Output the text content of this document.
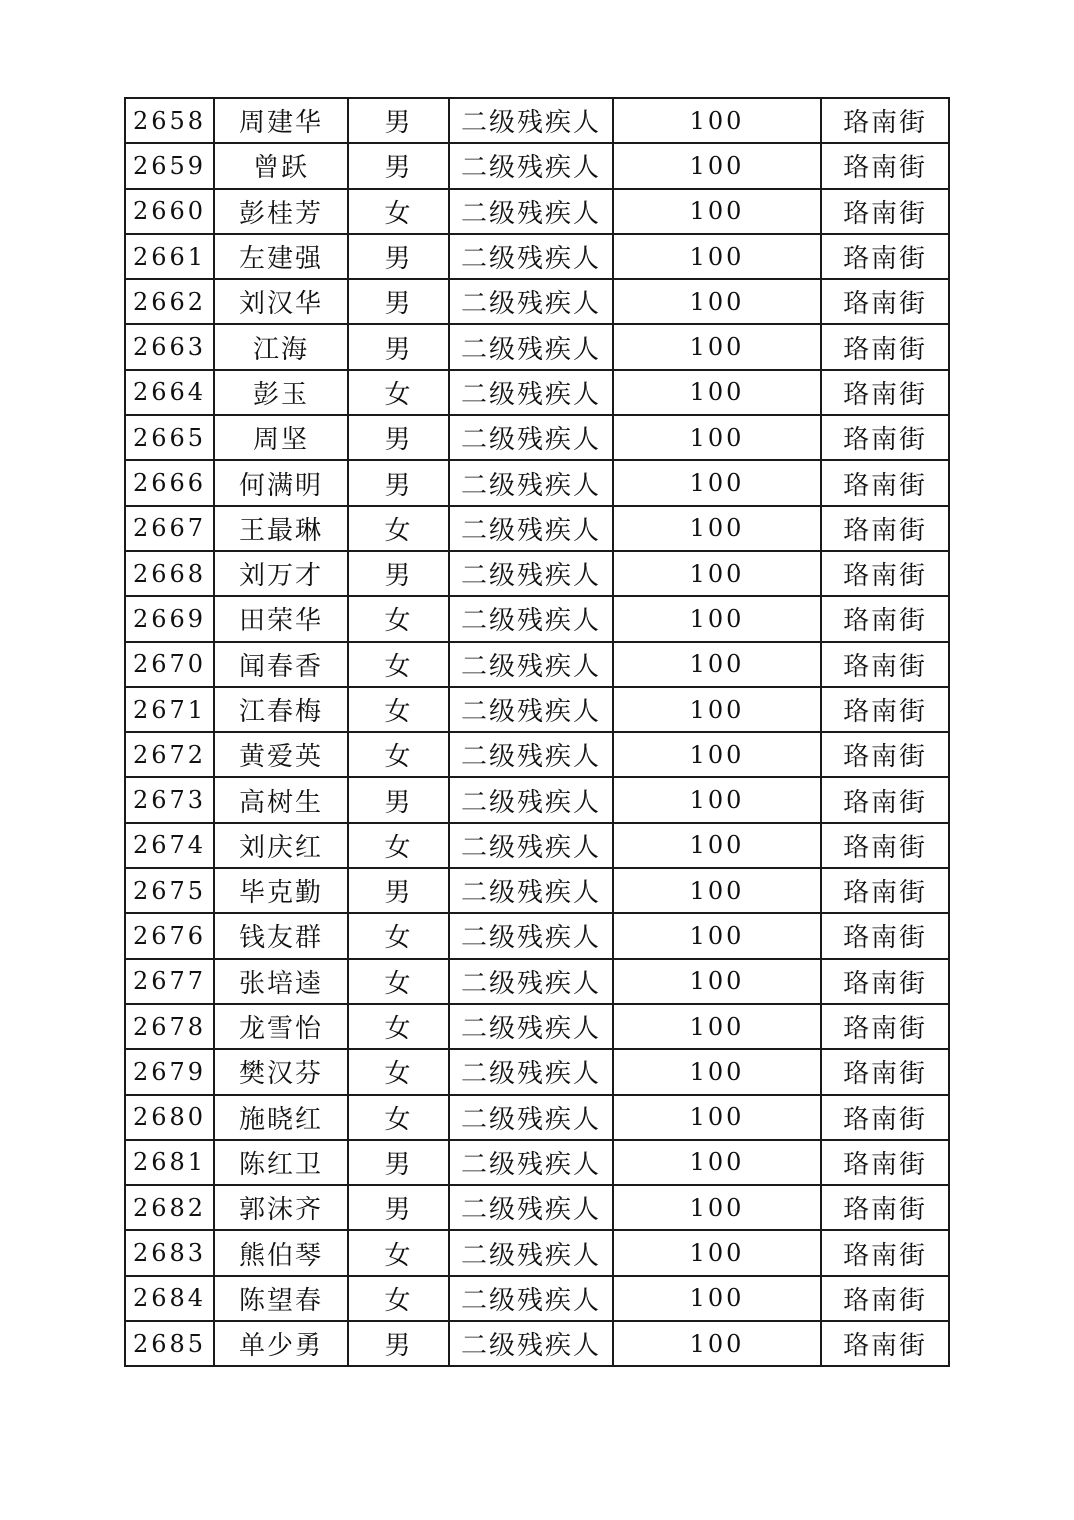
2658	周建华	男	二级残疾人	100	珞南街
2659	曾跃	男	二级残疾人	100	珞南街
2660	彭桂芳	女	二级残疾人	100	珞南街
2661	左建强	男	二级残疾人	100	珞南街
2662	刘汉华	男	二级残疾人	100	珞南街
2663	江海	男	二级残疾人	100	珞南街
2664	彭玉	女	二级残疾人	100	珞南街
2665	周坚	男	二级残疾人	100	珞南街
2666	何满明	男	二级残疾人	100	珞南街
2667	王最琳	女	二级残疾人	100	珞南街
2668	刘万才	男	二级残疾人	100	珞南街
2669	田荣华	女	二级残疾人	100	珞南街
2670	闻春香	女	二级残疾人	100	珞南街
2671	江春梅	女	二级残疾人	100	珞南街
2672	黄爱英	女	二级残疾人	100	珞南街
2673	高树生	男	二级残疾人	100	珞南街
2674	刘庆红	女	二级残疾人	100	珞南街
2675	毕克勤	男	二级残疾人	100	珞南街
2676	钱友群	女	二级残疾人	100	珞南街
2677	张培逵	女	二级残疾人	100	珞南街
2678	龙雪怡	女	二级残疾人	100	珞南街
2679	樊汉芬	女	二级残疾人	100	珞南街
2680	施晓红	女	二级残疾人	100	珞南街
2681	陈红卫	男	二级残疾人	100	珞南街
2682	郭沫齐	男	二级残疾人	100	珞南街
2683	熊伯琴	女	二级残疾人	100	珞南街
2684	陈望春	女	二级残疾人	100	珞南街
2685	单少勇	男	二级残疾人	100	珞南街
